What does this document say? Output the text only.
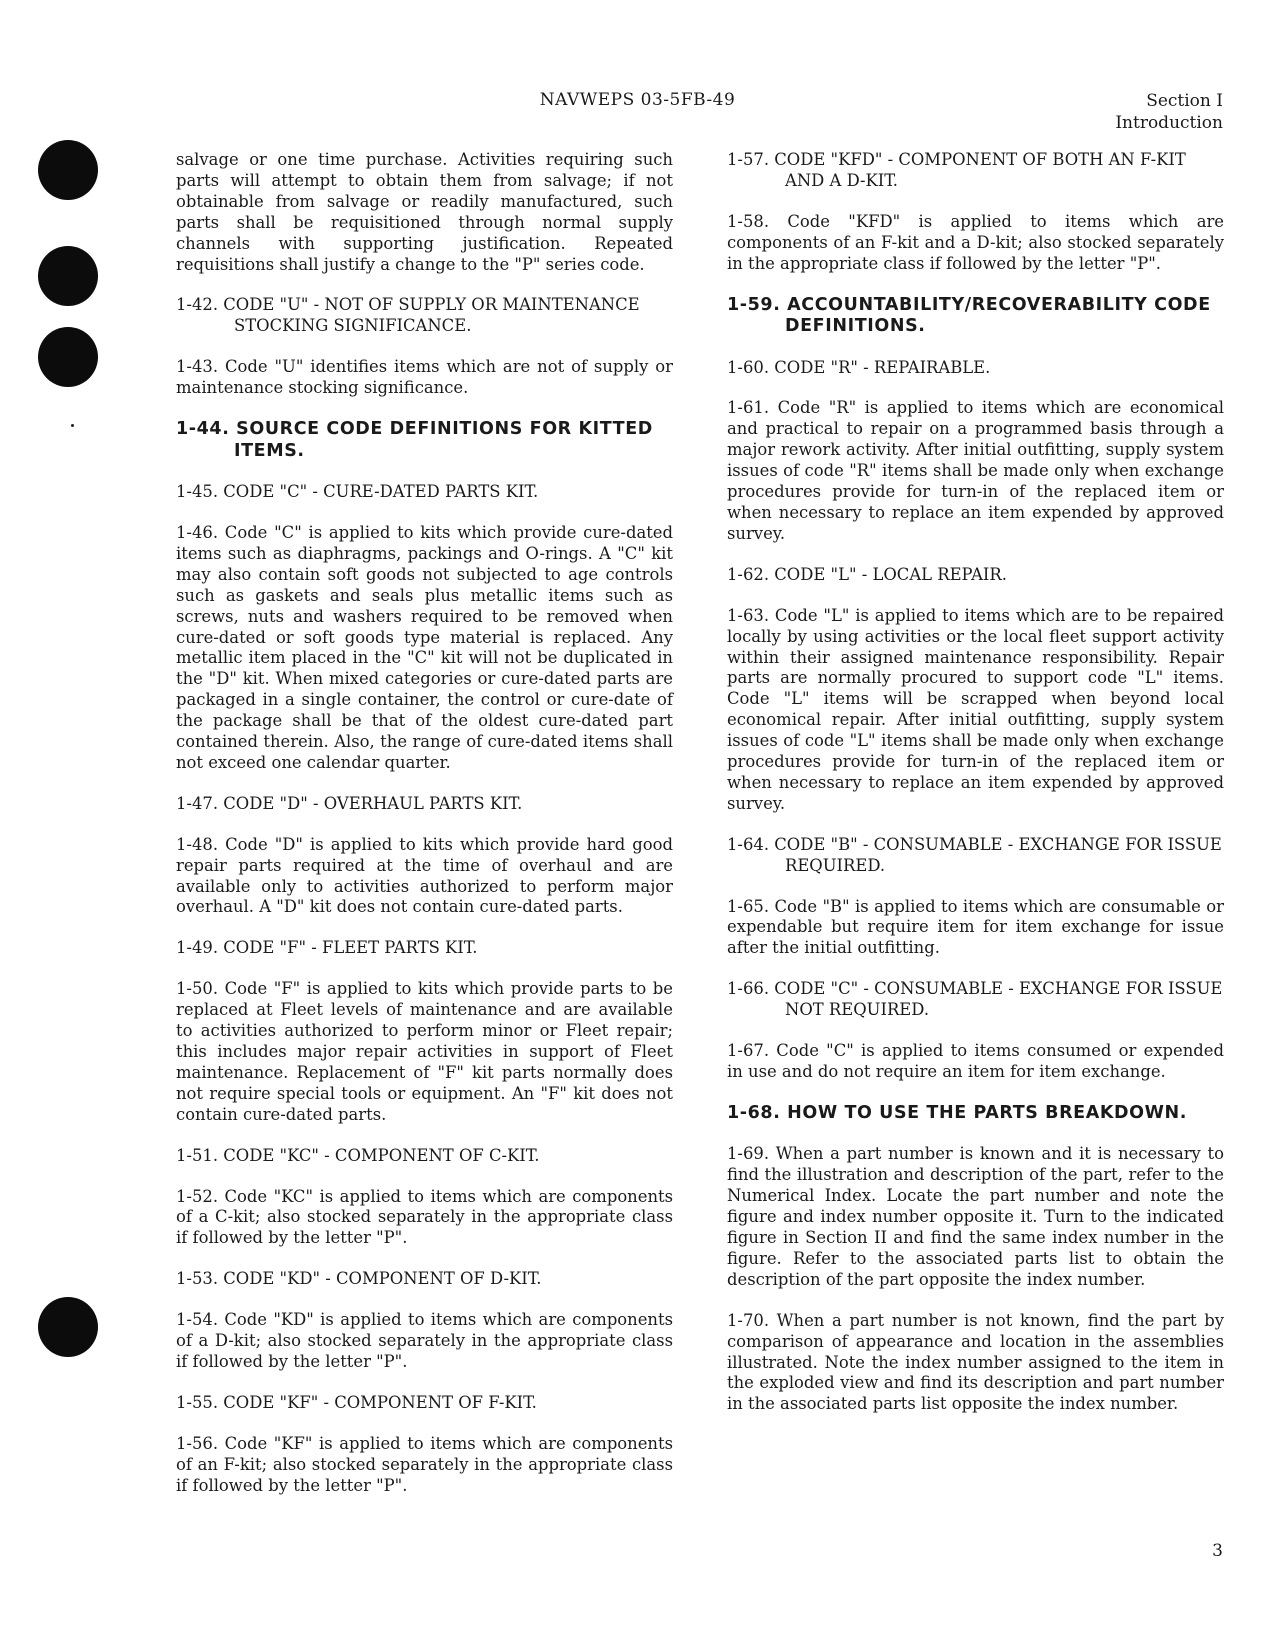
NAVWEPS 03-5FB-49	Section I
Introduction

salvage or one time purchase. Activities requiring such parts will attempt to obtain them from salvage; if not obtainable from salvage or readily manufactured, such parts shall be requisitioned through normal supply channels with supporting justification. Repeated requisitions shall justify a change to the "P" series code.

1-42. CODE "U" - NOT OF SUPPLY OR MAINTENANCE STOCKING SIGNIFICANCE.

1-43. Code "U" identifies items which are not of supply or maintenance stocking significance.

1-44. SOURCE CODE DEFINITIONS FOR KITTED ITEMS.

1-45. CODE "C" - CURE-DATED PARTS KIT.

1-46. Code "C" is applied to kits which provide cure-dated items such as diaphragms, packings and O-rings. A "C" kit may also contain soft goods not subjected to age controls such as gaskets and seals plus metallic items such as screws, nuts and washers required to be removed when cure-dated or soft goods type material is replaced. Any metallic item placed in the "C" kit will not be duplicated in the "D" kit. When mixed categories or cure-dated parts are packaged in a single container, the control or cure-date of the package shall be that of the oldest cure-dated part contained therein. Also, the range of cure-dated items shall not exceed one calendar quarter.

1-47. CODE "D" - OVERHAUL PARTS KIT.

1-48. Code "D" is applied to kits which provide hard good repair parts required at the time of overhaul and are available only to activities authorized to perform major overhaul. A "D" kit does not contain cure-dated parts.

1-49. CODE "F" - FLEET PARTS KIT.

1-50. Code "F" is applied to kits which provide parts to be replaced at Fleet levels of maintenance and are available to activities authorized to perform minor or Fleet repair; this includes major repair activities in support of Fleet maintenance. Replacement of "F" kit parts normally does not require special tools or equipment. An "F" kit does not contain cure-dated parts.

1-51. CODE "KC" - COMPONENT OF C-KIT.

1-52. Code "KC" is applied to items which are components of a C-kit; also stocked separately in the appropriate class if followed by the letter "P".

1-53. CODE "KD" - COMPONENT OF D-KIT.

1-54. Code "KD" is applied to items which are components of a D-kit; also stocked separately in the appropriate class if followed by the letter "P".

1-55. CODE "KF" - COMPONENT OF F-KIT.

1-56. Code "KF" is applied to items which are components of an F-kit; also stocked separately in the appropriate class if followed by the letter "P".

1-57. CODE "KFD" - COMPONENT OF BOTH AN F-KIT AND A D-KIT.

1-58. Code "KFD" is applied to items which are components of an F-kit and a D-kit; also stocked separately in the appropriate class if followed by the letter "P".

1-59. ACCOUNTABILITY/RECOVERABILITY CODE DEFINITIONS.

1-60. CODE "R" - REPAIRABLE.

1-61. Code "R" is applied to items which are economical and practical to repair on a programmed basis through a major rework activity. After initial outfitting, supply system issues of code "R" items shall be made only when exchange procedures provide for turn-in of the replaced item or when necessary to replace an item expended by approved survey.

1-62. CODE "L" - LOCAL REPAIR.

1-63. Code "L" is applied to items which are to be repaired locally by using activities or the local fleet support activity within their assigned maintenance responsibility. Repair parts are normally procured to support code "L" items. Code "L" items will be scrapped when beyond local economical repair. After initial outfitting, supply system issues of code "L" items shall be made only when exchange procedures provide for turn-in of the replaced item or when necessary to replace an item expended by approved survey.

1-64. CODE "B" - CONSUMABLE - EXCHANGE FOR ISSUE REQUIRED.

1-65. Code "B" is applied to items which are consumable or expendable but require item for item exchange for issue after the initial outfitting.

1-66. CODE "C" - CONSUMABLE - EXCHANGE FOR ISSUE NOT REQUIRED.

1-67. Code "C" is applied to items consumed or expended in use and do not require an item for item exchange.

1-68. HOW TO USE THE PARTS BREAKDOWN.

1-69. When a part number is known and it is necessary to find the illustration and description of the part, refer to the Numerical Index. Locate the part number and note the figure and index number opposite it. Turn to the indicated figure in Section II and find the same index number in the figure. Refer to the associated parts list to obtain the description of the part opposite the index number.

1-70. When a part number is not known, find the part by comparison of appearance and location in the assemblies illustrated. Note the index number assigned to the item in the exploded view and find its description and part number in the associated parts list opposite the index number.

3
